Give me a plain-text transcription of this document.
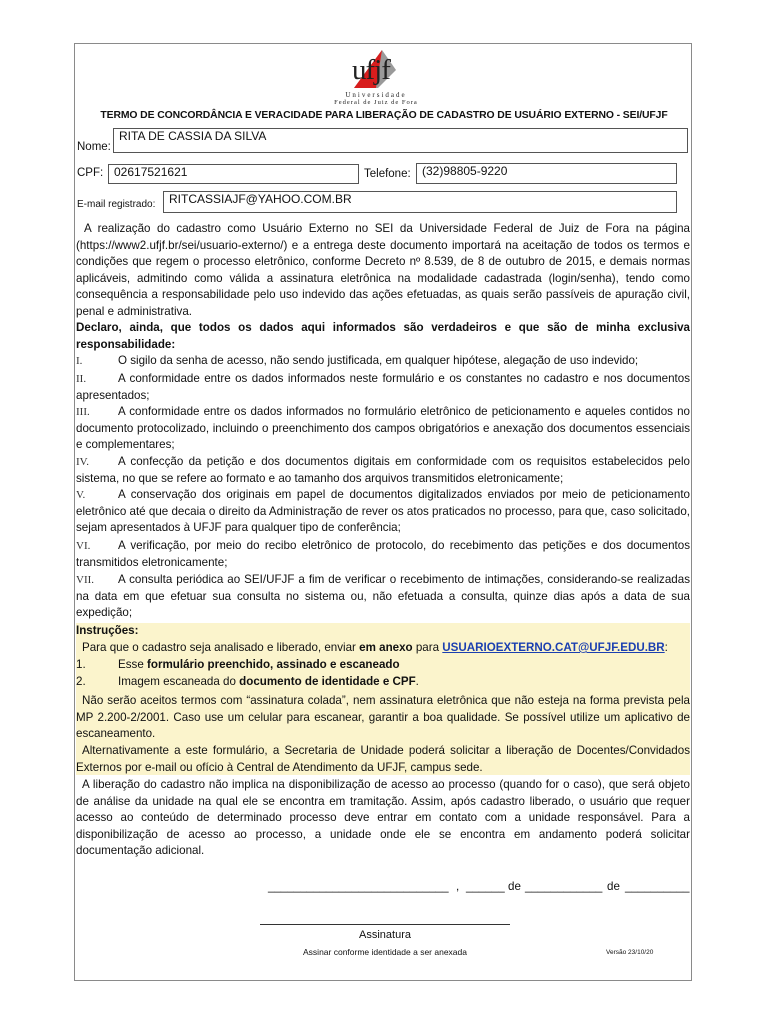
ufjf
Universidade
Federal de Juiz de Fora
TERMO DE CONCORDÂNCIA E VERACIDADE PARA LIBERAÇÃO DE CADASTRO DE USUÁRIO EXTERNO - SEI/UFJF
Nome:
RITA DE CASSIA DA SILVA
CPF: 02617521621	Telefone: (32)98805-9220
E-mail registrado:	RITCASSIAJF@YAHOO.COM.BR

A realização do cadastro como Usuário Externo no SEI da Universidade Federal de Juiz de Fora na página (https://www2.ufjf.br/sei/usuario-externo/) e a entrega deste documento importará na aceitação de todos os termos e condições que regem o processo eletrônico, conforme Decreto nº 8.539, de 8 de outubro de 2015, e demais normas aplicáveis, admitindo como válida a assinatura eletrônica na modalidade cadastrada (login/senha), tendo como consequência a responsabilidade pelo uso indevido das ações efetuadas, as quais serão passíveis de apuração civil, penal e administrativa.

Declaro, ainda, que todos os dados aqui informados são verdadeiros e que são de minha exclusiva responsabilidade:

I.	O sigilo da senha de acesso, não sendo justificada, em qualquer hipótese, alegação de uso indevido;
II.	A conformidade entre os dados informados neste formulário e os constantes no cadastro e nos documentos apresentados;
III. A conformidade entre os dados informados no formulário eletrônico de peticionamento e aqueles contidos no documento protocolizado, incluindo o preenchimento dos campos obrigatórios e anexação dos documentos essenciais e complementares;
IV.	A confecção da petição e dos documentos digitais em conformidade com os requisitos estabelecidos pelo sistema, no que se refere ao formato e ao tamanho dos arquivos transmitidos eletronicamente;
V.	A conservação dos originais em papel de documentos digitalizados enviados por meio de peticionamento eletrônico até que decaia o direito da Administração de rever os atos praticados no processo, para que, caso solicitado, sejam apresentados à UFJF para qualquer tipo de conferência;
VI. A verificação, por meio do recibo eletrônico de protocolo, do recebimento das petições e dos documentos transmitidos eletronicamente;
VII. A consulta periódica ao SEI/UFJF a fim de verificar o recebimento de intimações, considerando-se realizadas na data em que efetuar sua consulta no sistema ou, não efetuada a consulta, quinze dias após a data de sua expedição;
Instruções:
Para que o cadastro seja analisado e liberado, enviar em anexo para USUARIOEXTERNO.CAT@UFJF.EDU.BR:
1.	Esse formulário preenchido, assinado e escaneado
2.	Imagem escaneada do documento de identidade e CPF.
Não serão aceitos termos com “assinatura colada”, nem assinatura eletrônica que não esteja na forma prevista pela MP 2.200-2/2001. Caso use um celular para escanear, garantir a boa qualidade. Se possível utilize um aplicativo de escaneamento.
Alternativamente a este formulário, a Secretaria de Unidade poderá solicitar a liberação de Docentes/Convidados Externos por e-mail ou ofício à Central de Atendimento da UFJF, campus sede.

A liberação do cadastro não implica na disponibilização de acesso ao processo (quando for o caso), que será objeto de análise da unidade na qual ele se encontra em tramitação. Assim, após cadastro liberado, o usuário que requer acesso ao conteúdo de determinado processo deve entrar em contato com a unidade responsável. Para a disponibilização de acesso ao processo, a unidade onde ele se encontra em andamento poderá solicitar documentação adicional.

____________________________ , ______ de ____________ de __________
Assinatura
Assinar conforme identidade a ser anexada	Versão 23/10/20
